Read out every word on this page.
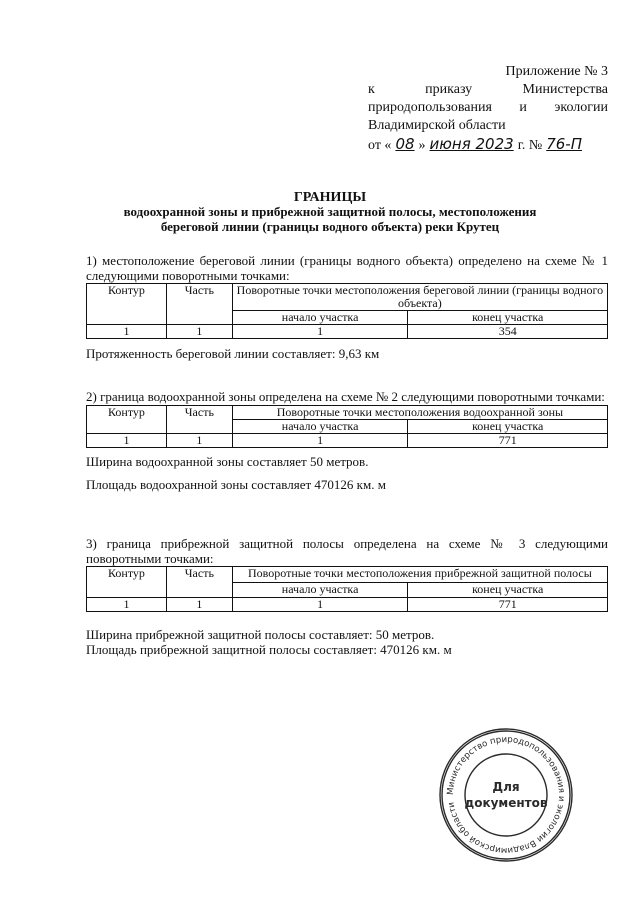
Приложение № 3
к	приказу	Министерства
природопользования и экологии
Владимирской области
от « 08 » июня 2023 г. № 76-П
ГРАНИЦЫ
водоохранной зоны и прибрежной защитной полосы, местоположения
береговой линии (границы водного объекта) реки Крутец
1) местоположение береговой линии (границы водного объекта) определено на схеме № 1 следующими поворотными точками:
Контур	Часть	Поворотные точки местоположения береговой линии (границы водного объекта)	
		начало участка	конец участка
1	1	1	354
Протяженность береговой линии составляет: 9,63 км
2) граница водоохранной зоны определена на схеме № 2 следующими поворотными точками:
Контур	Часть	Поворотные точки местоположения водоохранной зоны	
		начало участка	конец участка
1	1	1	771
Ширина водоохранной зоны составляет 50 метров.
Площадь водоохранной зоны составляет 470126 км. м
3) граница прибрежной защитной полосы определена на схеме № 3 следующими поворотными точками:
Контур	Часть	Поворотные точки местоположения прибрежной защитной полосы	
		начало участка	конец участка
1	1	1	771
Ширина прибрежной защитной полосы составляет: 50 метров.
Площадь прибрежной защитной полосы составляет: 470126 км. м
Министерство природопользования и экологии Владимирской области
Для
документов
